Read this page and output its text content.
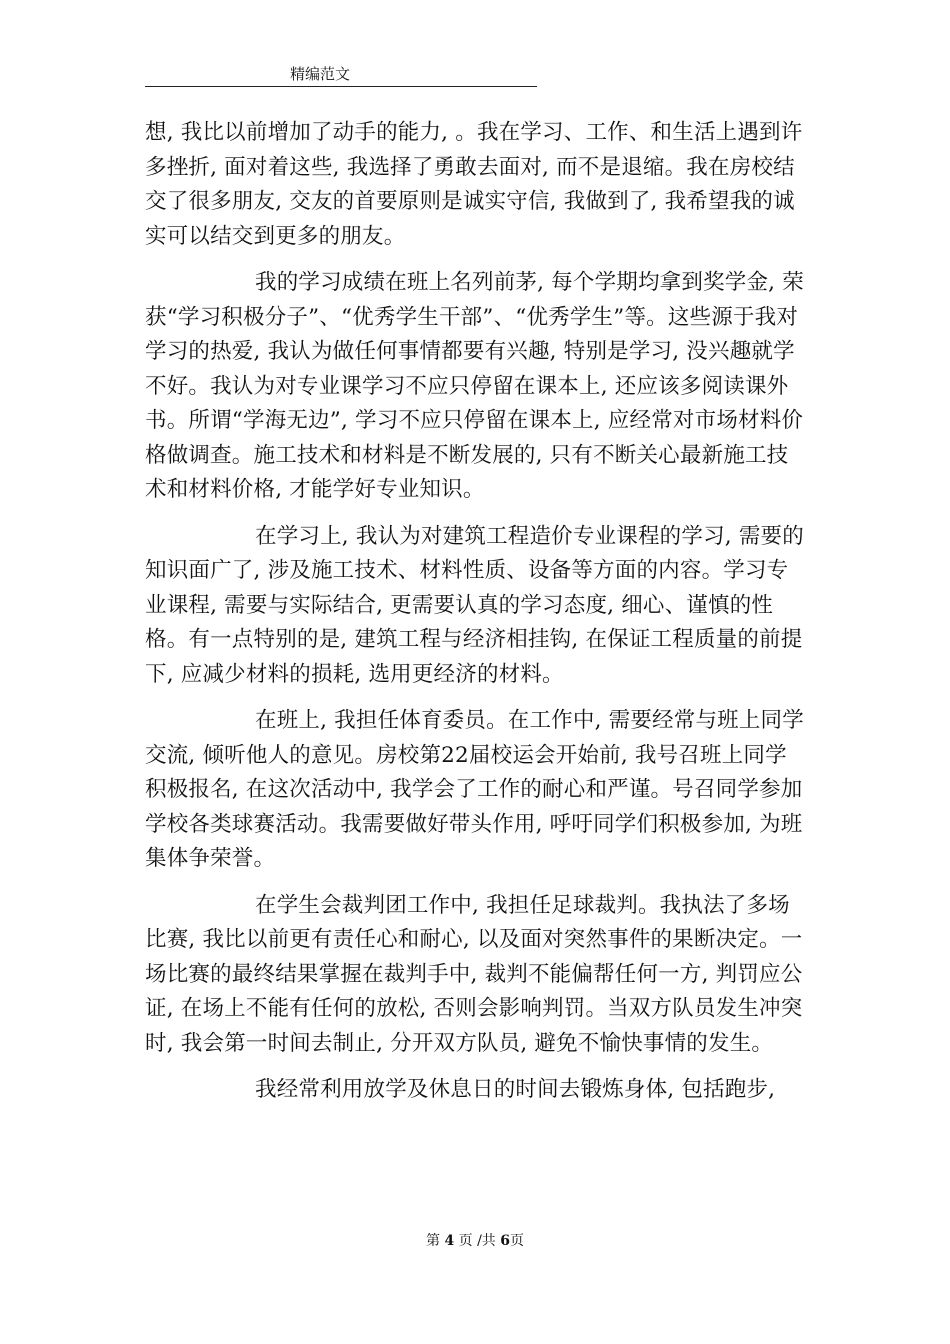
精编范文

想, 我比以前增加了动手的能力, 。我在学习、工作、和生活上遇到许多挫折, 面对着这些, 我选择了勇敢去面对, 而不是退缩。我在房校结交了很多朋友, 交友的首要原则是诚实守信, 我做到了, 我希望我的诚实可以结交到更多的朋友。

我的学习成绩在班上名列前茅, 每个学期均拿到奖学金, 荣获“学习积极分子”、“优秀学生干部”、“优秀学生”等。这些源于我对学习的热爱, 我认为做任何事情都要有兴趣, 特别是学习, 没兴趣就学不好。我认为对专业课学习不应只停留在课本上, 还应该多阅读课外书。所谓“学海无边”, 学习不应只停留在课本上, 应经常对市场材料价格做调查。施工技术和材料是不断发展的, 只有不断关心最新施工技术和材料价格, 才能学好专业知识。

在学习上, 我认为对建筑工程造价专业课程的学习, 需要的知识面广了, 涉及施工技术、材料性质、设备等方面的内容。学习专业课程, 需要与实际结合, 更需要认真的学习态度, 细心、谨慎的性格。有一点特别的是, 建筑工程与经济相挂钩, 在保证工程质量的前提下, 应减少材料的损耗, 选用更经济的材料。

在班上, 我担任体育委员。在工作中, 需要经常与班上同学交流, 倾听他人的意见。房校第22届校运会开始前, 我号召班上同学积极报名, 在这次活动中, 我学会了工作的耐心和严谨。号召同学参加学校各类球赛活动。我需要做好带头作用, 呼吁同学们积极参加, 为班集体争荣誉。

在学生会裁判团工作中, 我担任足球裁判。我执法了多场比赛, 我比以前更有责任心和耐心, 以及面对突然事件的果断决定。一场比赛的最终结果掌握在裁判手中, 裁判不能偏帮任何一方, 判罚应公证, 在场上不能有任何的放松, 否则会影响判罚。当双方队员发生冲突时, 我会第一时间去制止, 分开双方队员, 避免不愉快事情的发生。

我经常利用放学及休息日的时间去锻炼身体, 包括跑步,

第 4 页 /共 6页
